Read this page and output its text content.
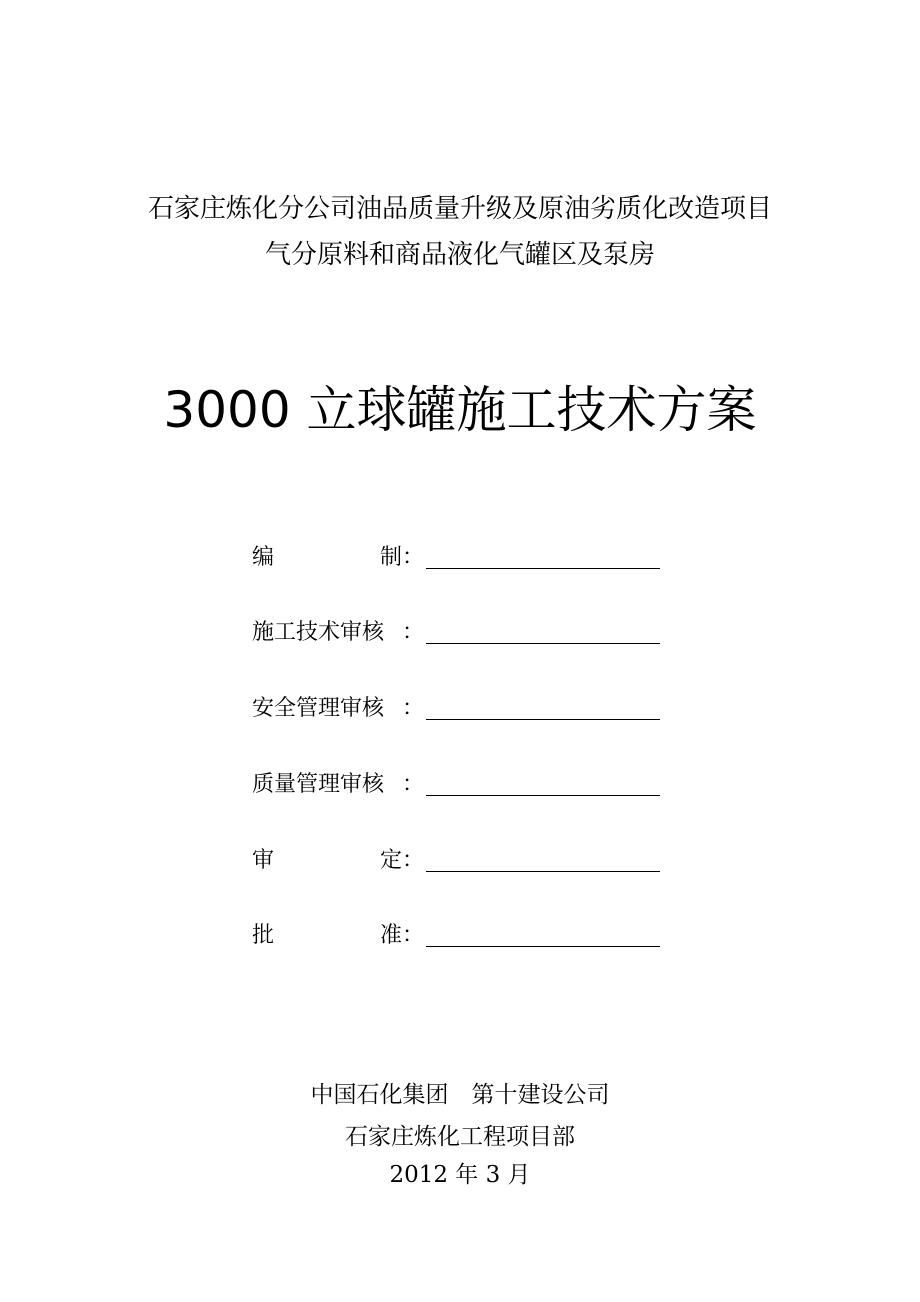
石家庄炼化分公司油品质量升级及原油劣质化改造项目
气分原料和商品液化气罐区及泵房
3000 立球罐施工技术方案
编	制 ：
施工技术审核 ：
安全管理审核 ：
质量管理审核 ：
审	定 ：
批	准 ：
中国石化集团　第十建设公司
石家庄炼化工程项目部
2012 年 3 月
